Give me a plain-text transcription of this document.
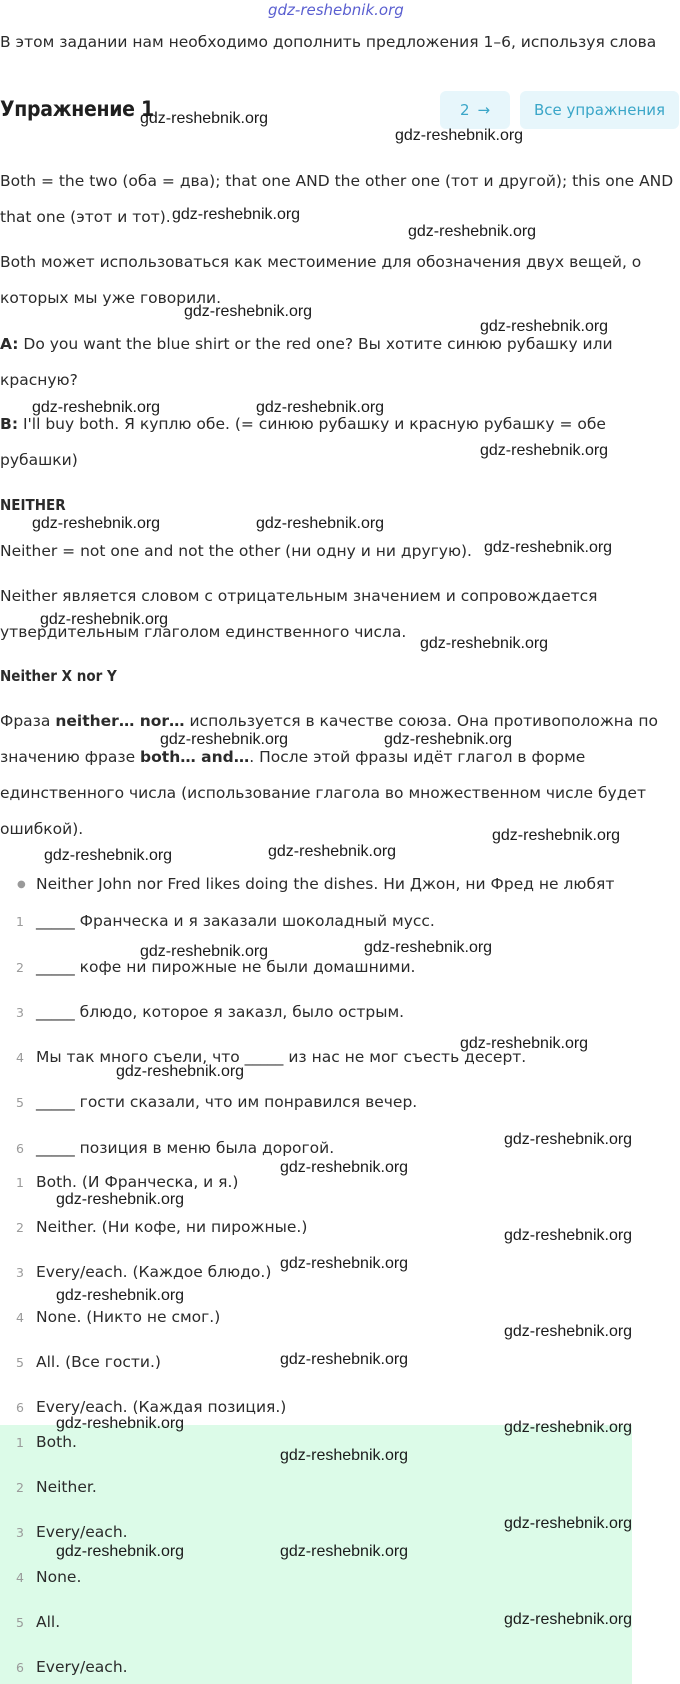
gdz-reshebnik.org
В этом задании нам необходимо дополнить предложения 1–6, используя слова
Упражнение 1	2 →	Все упражнения
Both = the two (оба = два); that one AND the other one (тот и другой); this one AND
that one (этот и тот).
Both может использоваться как местоимение для обозначения двух вещей, о
которых мы уже говорили.
A: Do you want the blue shirt or the red one? Вы хотите синюю рубашку или
красную?
B: I'll buy both. Я куплю обе. (= синюю рубашку и красную рубашку = обе
рубашки)
NEITHER
Neither = not one and not the other (ни одну и ни другую).
Neither является словом с отрицательным значением и сопровождается
утвердительным глаголом единственного числа.
Neither X nor Y
Фраза neither… nor… используется в качестве союза. Она противоположна по
значению фразе both… and…. После этой фразы идёт глагол в форме
единственного числа (использование глагола во множественном числе будет
ошибкой).
● Neither John nor Fred likes doing the dishes. Ни Джон, ни Фред не любят
1 _____ Франческа и я заказали шоколадный мусс.
2 _____ кофе ни пирожные не были домашними.
3 _____ блюдо, которое я заказл, было острым.
4 Мы так много съели, что _____ из нас не мог съесть десерт.
5 _____ гости сказали, что им понравился вечер.
6 _____ позиция в меню была дорогой.
1 Both. (И Франческа, и я.)
2 Neither. (Ни кофе, ни пирожные.)
3 Every/each. (Каждое блюдо.)
4 None. (Никто не смог.)
5 All. (Все гости.)
6 Every/each. (Каждая позиция.)
1 Both.
2 Neither.
3 Every/each.
4 None.
5 All.
6 Every/each.
gdz-reshebnik.org
gdz-reshebnik.org
gdz-reshebnik.org
gdz-reshebnik.org
gdz-reshebnik.org
gdz-reshebnik.org
gdz-reshebnik.org	gdz-reshebnik.org
gdz-reshebnik.org
gdz-reshebnik.org	gdz-reshebnik.org
gdz-reshebnik.org
gdz-reshebnik.org
gdz-reshebnik.org
gdz-reshebnik.org	gdz-reshebnik.org
gdz-reshebnik.org
gdz-reshebnik.org	gdz-reshebnik.org
gdz-reshebnik.org	gdz-reshebnik.org
gdz-reshebnik.org
gdz-reshebnik.org
gdz-reshebnik.org
gdz-reshebnik.org
gdz-reshebnik.org
gdz-reshebnik.org
gdz-reshebnik.org
gdz-reshebnik.org
gdz-reshebnik.org
gdz-reshebnik.org
gdz-reshebnik.org	gdz-reshebnik.org
gdz-reshebnik.org
gdz-reshebnik.org
gdz-reshebnik.org	gdz-reshebnik.org
gdz-reshebnik.org
